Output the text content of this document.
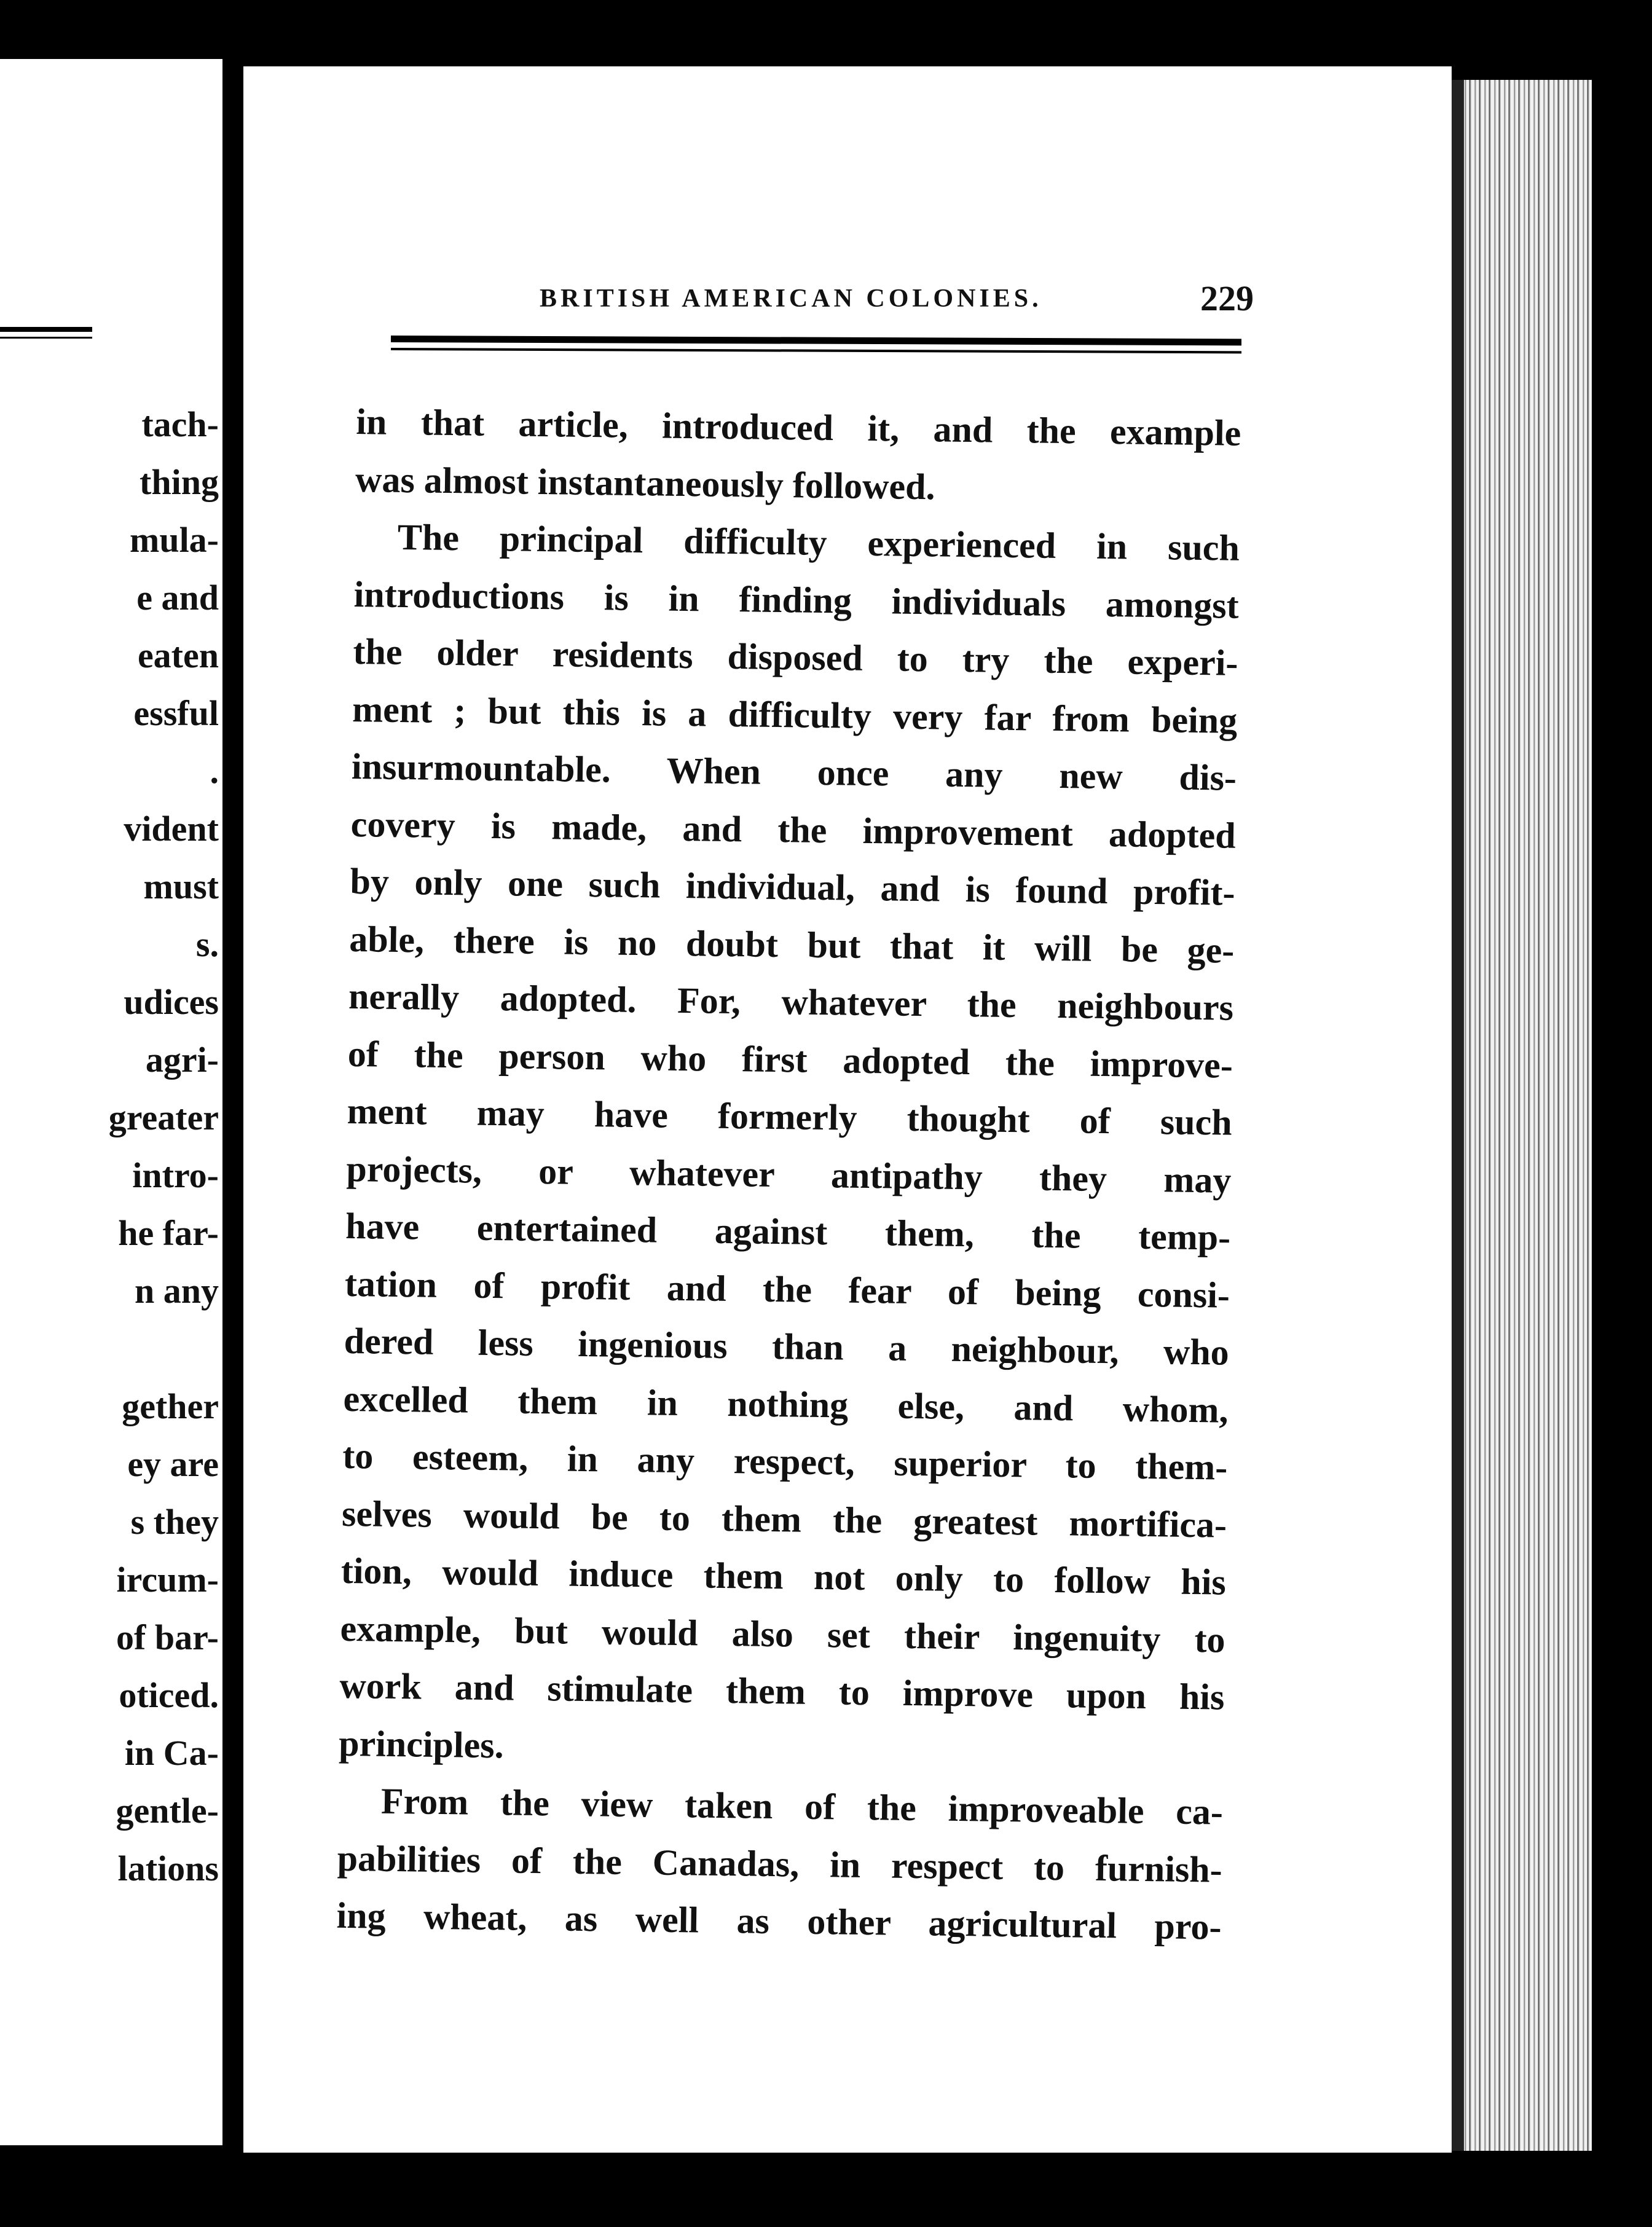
tach-
thing
mula-
e and
eaten
essful
.
vident
must
s.
udices
agri-
greater
intro-
he far-
n any
gether
ey are
s they
ircum-
of bar-
oticed.
in Ca-
gentle-
lations
BRITISH AMERICAN COLONIES.	229
in that article, introduced it, and the example
was almost instantaneously followed.
The principal difficulty experienced in such
introductions is in finding individuals amongst
the older residents disposed to try the experi-
ment ; but this is a difficulty very far from being
insurmountable. When once any new dis-
covery is made, and the improvement adopted
by only one such individual, and is found profit-
able, there is no doubt but that it will be ge-
nerally adopted. For, whatever the neighbours
of the person who first adopted the improve-
ment may have formerly thought of such
projects, or whatever antipathy they may
have entertained against them, the temp-
tation of profit and the fear of being consi-
dered less ingenious than a neighbour, who
excelled them in nothing else, and whom,
to esteem, in any respect, superior to them-
selves would be to them the greatest mortifica-
tion, would induce them not only to follow his
example, but would also set their ingenuity to
work and stimulate them to improve upon his
principles.
From the view taken of the improveable ca-
pabilities of the Canadas, in respect to furnish-
ing wheat, as well as other agricultural pro-
